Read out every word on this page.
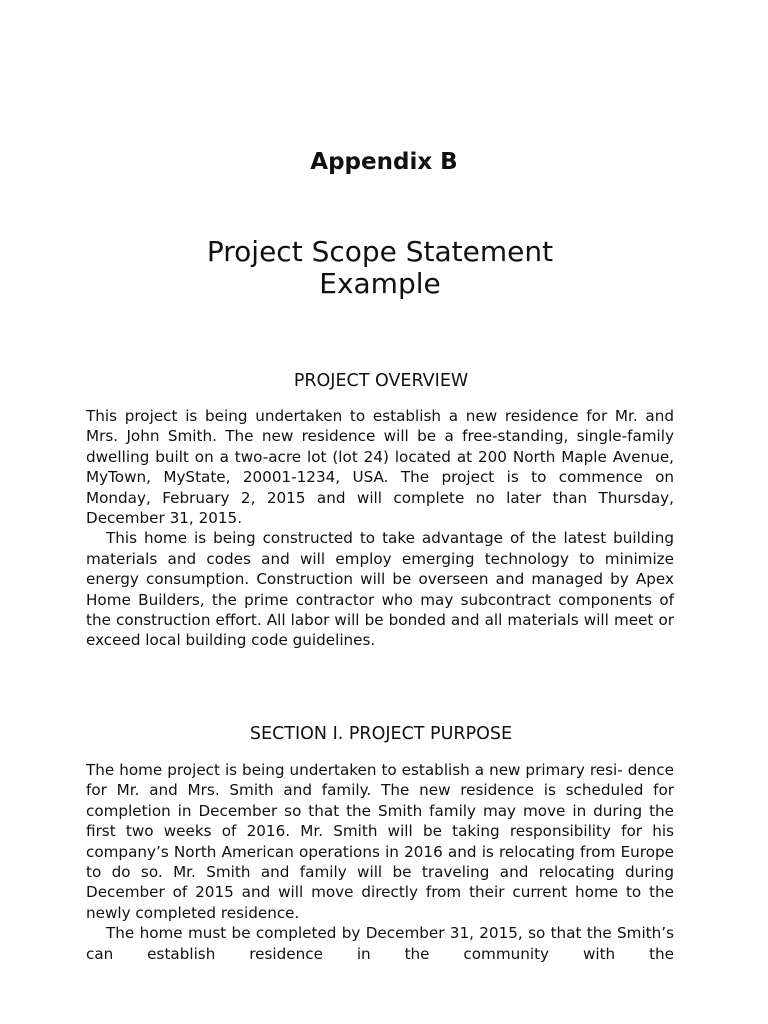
Appendix B
Project Scope Statement
Example
PROJECT OVERVIEW

This project is being undertaken to establish a new residence for Mr. and Mrs. John Smith. The new residence will be a free-standing, single-family dwelling built on a two-acre lot (lot 24) located at 200 North Maple Avenue, MyTown, MyState, 20001-1234, USA. The project is to commence on Monday, February 2, 2015 and will complete no later than Thursday, December 31, 2015.

This home is being constructed to take advantage of the latest building materials and codes and will employ emerging technology to minimize energy consumption. Construction will be overseen and managed by Apex Home Builders, the prime contractor who may subcontract components of the construction effort. All labor will be bonded and all materials will meet or exceed local building code guidelines.

SECTION I. PROJECT PURPOSE

The home project is being undertaken to establish a new primary resi- dence for Mr. and Mrs. Smith and family. The new residence is scheduled for completion in December so that the Smith family may move in during the first two weeks of 2016. Mr. Smith will be taking responsibility for his company’s North American operations in 2016 and is relocating from Europe to do so. Mr. Smith and family will be traveling and relocating during December of 2015 and will move directly from their current home to the newly completed residence.

The home must be completed by December 31, 2015, so that the Smith’s can establish residence in the community with the
